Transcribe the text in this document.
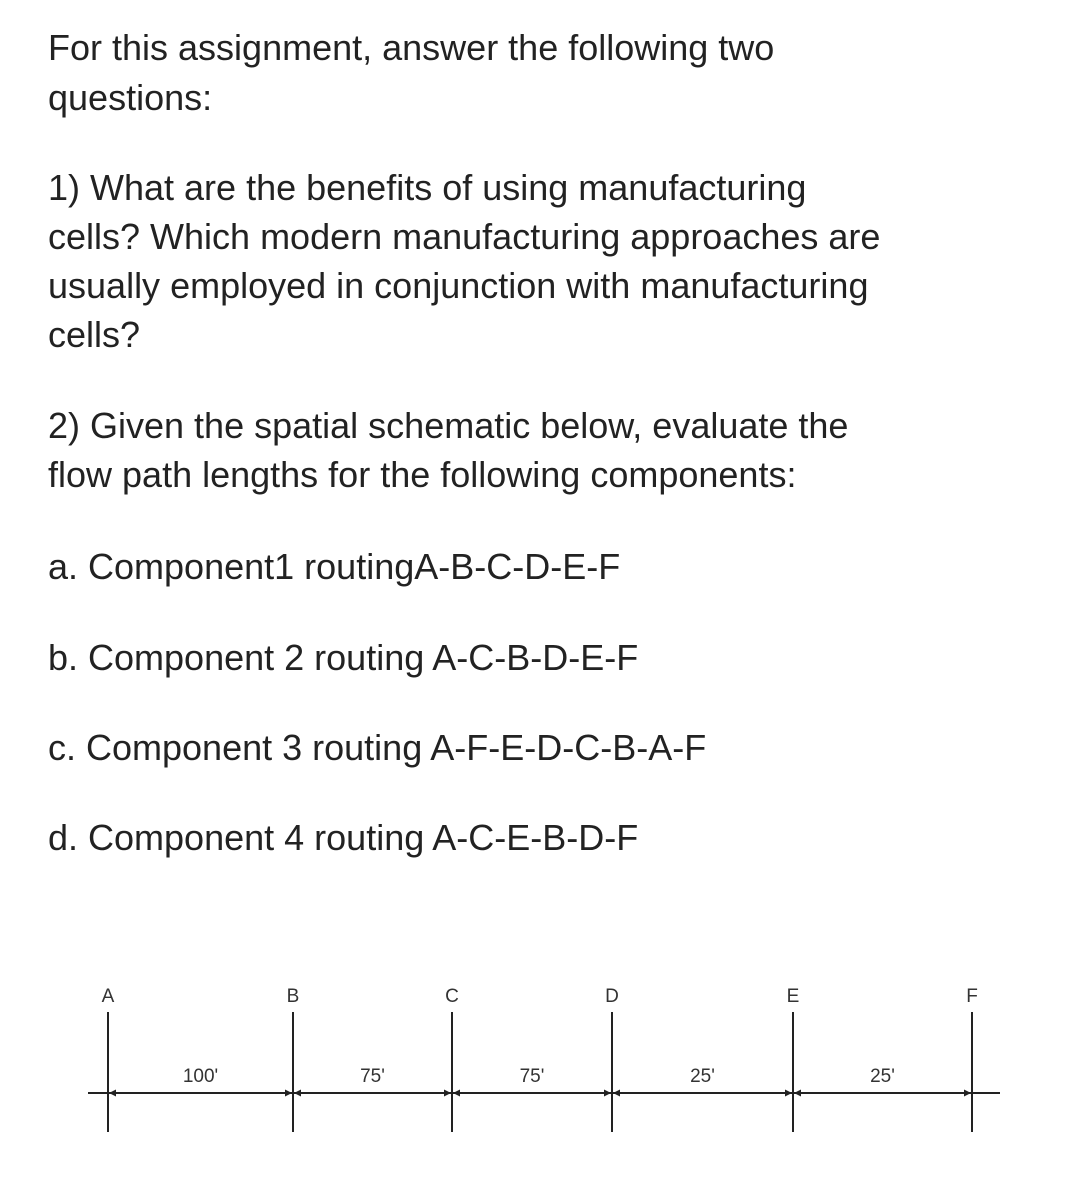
For this assignment, answer the following two
questions:
1) What are the benefits of using manufacturing
cells? Which modern manufacturing approaches are
usually employed in conjunction with manufacturing
cells?
2) Given the spatial schematic below, evaluate the
flow path lengths for the following components:
a. Component1 routingA-B-C-D-E-F
b. Component 2 routing A-C-B-D-E-F
c. Component 3 routing A-F-E-D-C-B-A-F
d. Component 4 routing A-C-E-B-D-F
A	B	C	D	E	F
100'	75'	75'	25'	25'
